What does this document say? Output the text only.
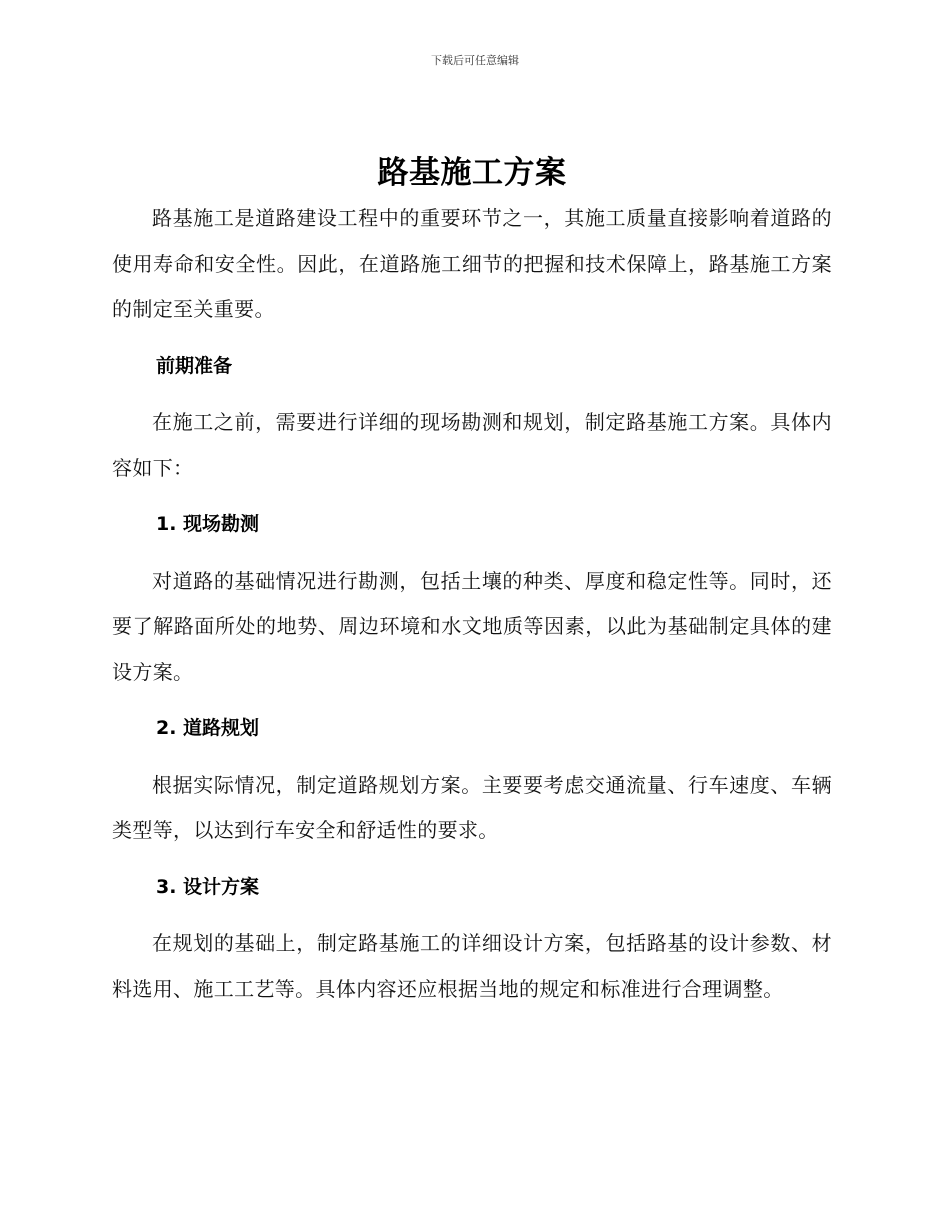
下载后可任意编辑
路基施工方案

路基施工是道路建设工程中的重要环节之一，其施工质量直接影响着道路的使用寿命和安全性。因此，在道路施工细节的把握和技术保障上，路基施工方案的制定至关重要。

前期准备

在施工之前，需要进行详细的现场勘测和规划，制定路基施工方案。具体内容如下：

1. 现场勘测

对道路的基础情况进行勘测，包括土壤的种类、厚度和稳定性等。同时，还要了解路面所处的地势、周边环境和水文地质等因素，以此为基础制定具体的建设方案。

2. 道路规划

根据实际情况，制定道路规划方案。主要要考虑交通流量、行车速度、车辆类型等，以达到行车安全和舒适性的要求。

3. 设计方案

在规划的基础上，制定路基施工的详细设计方案，包括路基的设计参数、材料选用、施工工艺等。具体内容还应根据当地的规定和标准进行合理调整。
